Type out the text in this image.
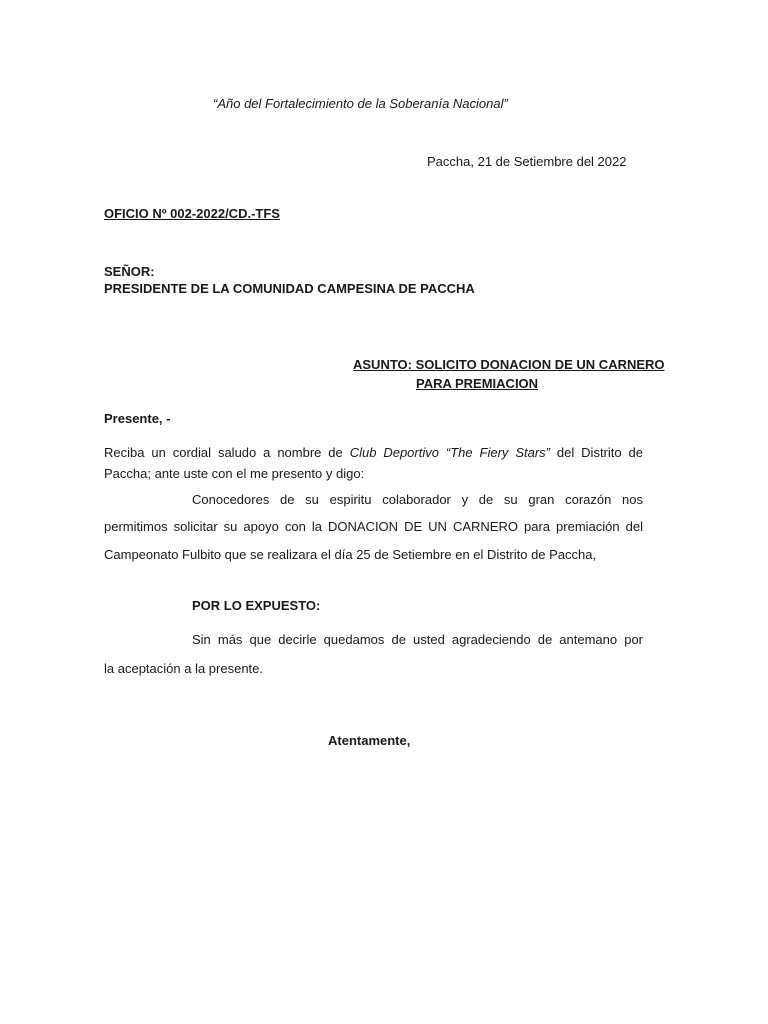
“Año del Fortalecimiento de la Soberanía Nacional”
Paccha, 21 de Setiembre del 2022
OFICIO Nº 002-2022/CD.-TFS
SEÑOR:
PRESIDENTE DE LA COMUNIDAD CAMPESINA DE PACCHA
ASUNTO: SOLICITO DONACION DE UN CARNERO
PARA PREMIACION
Presente, -
Reciba un cordial saludo a nombre de Club Deportivo “The Fiery Stars” del Distrito de
Paccha; ante uste con el me presento y digo:
Conocedores de su espiritu colaborador y de su gran corazón nos
permitimos solicitar su apoyo con la DONACION DE UN CARNERO para premiación del
Campeonato Fulbito que se realizara el día 25 de Setiembre en el Distrito de Paccha,
POR LO EXPUESTO:
Sin más que decirle quedamos de usted agradeciendo de antemano por
la aceptación a la presente.
Atentamente,
